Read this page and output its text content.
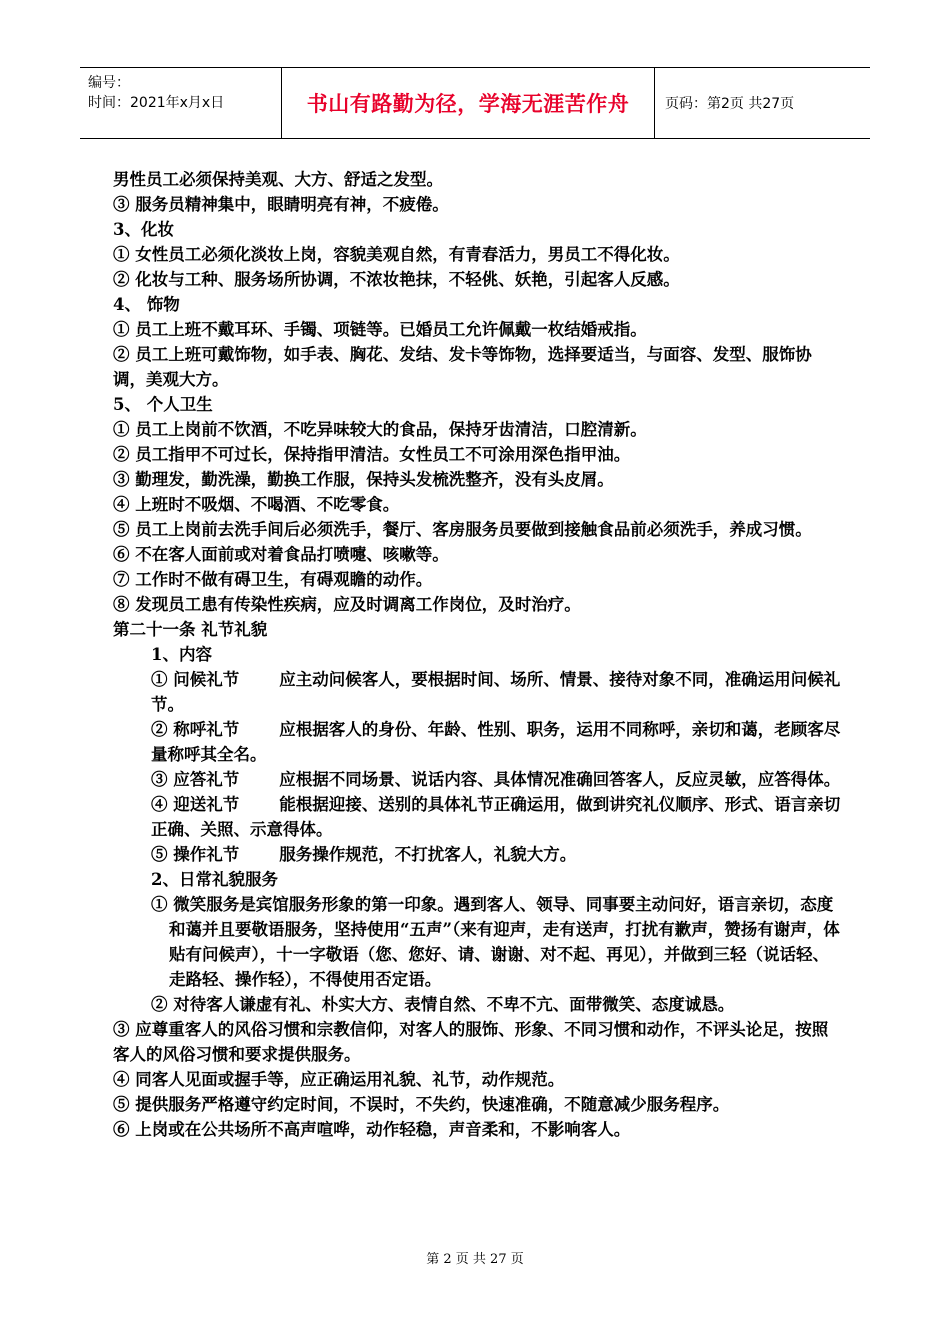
编号：
时间：2021年x月x日	书山有路勤为径，学海无涯苦作舟	页码：第2页 共27页

男性员工必须保持美观、大方、舒适之发型。

③ 服务员精神集中，眼睛明亮有神，不疲倦。

3、化妆

① 女性员工必须化淡妆上岗，容貌美观自然，有青春活力，男员工不得化妆。

② 化妆与工种、服务场所协调，不浓妆艳抹，不轻佻、妖艳，引起客人反感。

4、 饰物

① 员工上班不戴耳环、手镯、项链等。已婚员工允许佩戴一枚结婚戒指。

② 员工上班可戴饰物，如手表、胸花、发结、发卡等饰物，选择要适当，与面容、发型、服饰协调，美观大方。

5、 个人卫生

① 员工上岗前不饮酒，不吃异味较大的食品，保持牙齿清洁，口腔清新。

② 员工指甲不可过长，保持指甲清洁。女性员工不可涂用深色指甲油。

③ 勤理发，勤洗澡，勤换工作服，保持头发梳洗整齐，没有头皮屑。

④ 上班时不吸烟、不喝酒、不吃零食。

⑤ 员工上岗前去洗手间后必须洗手，餐厅、客房服务员要做到接触食品前必须洗手，养成习惯。

⑥ 不在客人面前或对着食品打喷嚏、咳嗽等。

⑦ 工作时不做有碍卫生，有碍观瞻的动作。

⑧ 发现员工患有传染性疾病，应及时调离工作岗位，及时治疗。

第二十一条 礼节礼貌

1、内容

① 问候礼节 应主动问候客人，要根据时间、场所、情景、接待对象不同，准确运用问候礼节。

② 称呼礼节 应根据客人的身份、年龄、性别、职务，运用不同称呼，亲切和蔼，老顾客尽量称呼其全名。

③ 应答礼节 应根据不同场景、说话内容、具体情况准确回答客人，反应灵敏，应答得体。

④ 迎送礼节 能根据迎接、送别的具体礼节正确运用，做到讲究礼仪顺序、形式、语言亲切正确、关照、示意得体。

⑤ 操作礼节 服务操作规范，不打扰客人，礼貌大方。

2、日常礼貌服务

① 微笑服务是宾馆服务形象的第一印象。遇到客人、领导、同事要主动问好，语言亲切，态度和蔼并且要敬语服务，坚持使用“五声”（来有迎声，走有送声，打扰有歉声，赞扬有谢声，体贴有问候声），十一字敬语（您、您好、请、谢谢、对不起、再见），并做到三轻（说话轻、走路轻、操作轻），不得使用否定语。

② 对待客人谦虚有礼、朴实大方、表情自然、不卑不亢、面带微笑、态度诚恳。

③ 应尊重客人的风俗习惯和宗教信仰，对客人的服饰、形象、不同习惯和动作，不评头论足，按照客人的风俗习惯和要求提供服务。

④ 同客人见面或握手等，应正确运用礼貌、礼节，动作规范。

⑤ 提供服务严格遵守约定时间，不误时，不失约，快速准确，不随意减少服务程序。

⑥ 上岗或在公共场所不高声喧哗，动作轻稳，声音柔和，不影响客人。

第 2 页 共 27 页
